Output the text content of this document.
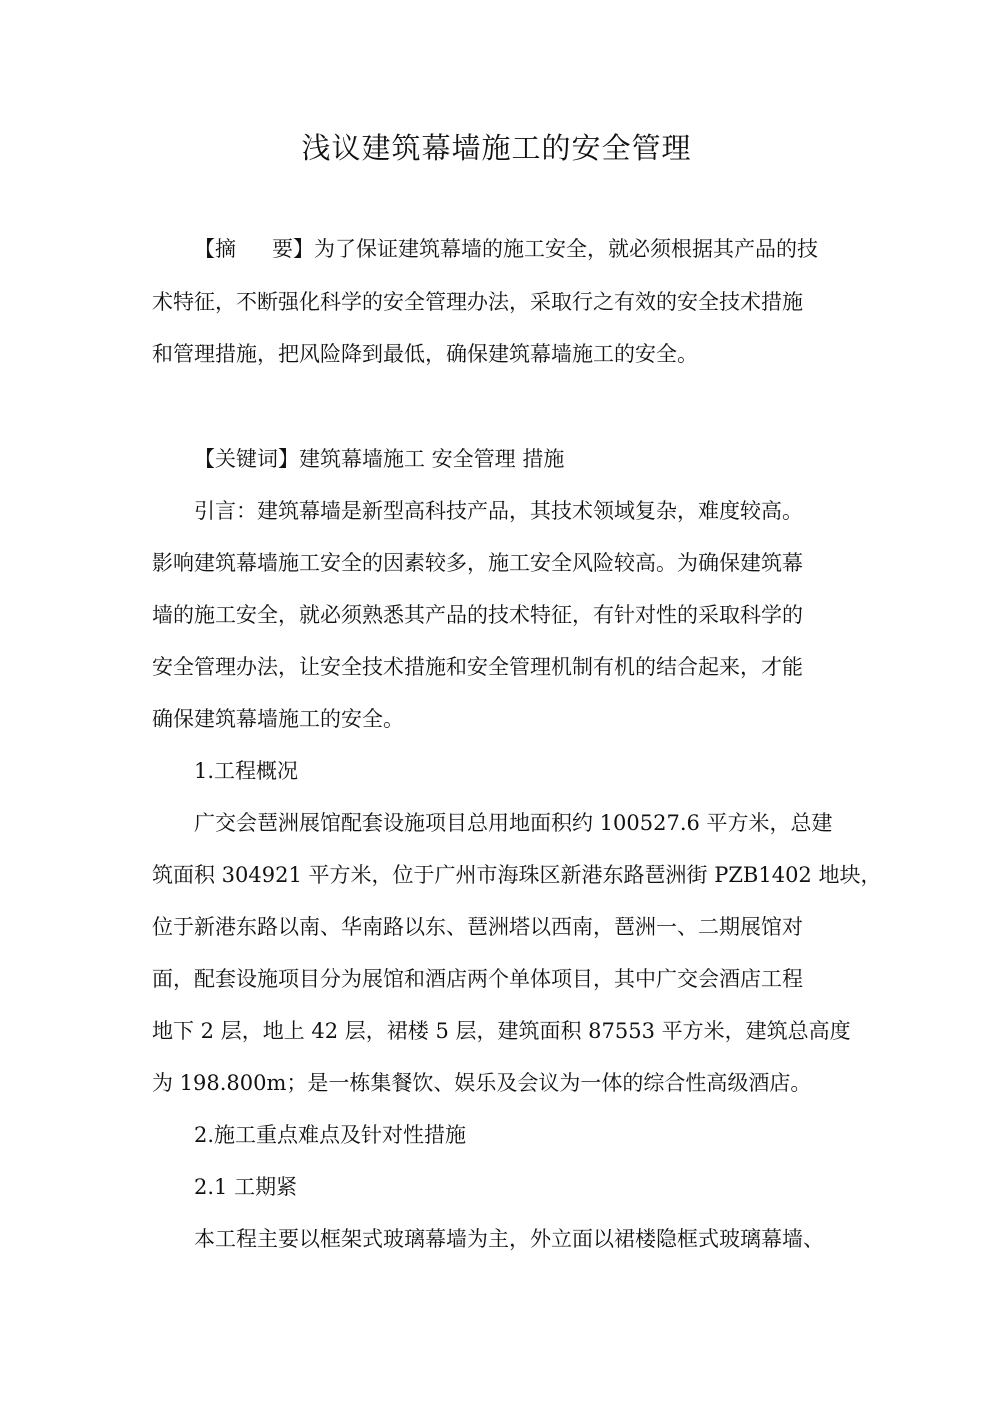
浅议建筑幕墙施工的安全管理
【摘 要】为了保证建筑幕墙的施工安全，就必须根据其产品的技
术特征，不断强化科学的安全管理办法，采取行之有效的安全技术措施
和管理措施，把风险降到最低，确保建筑幕墙施工的安全。
【关键词】建筑幕墙施工 安全管理 措施
引言：建筑幕墙是新型高科技产品，其技术领域复杂，难度较高。
影响建筑幕墙施工安全的因素较多，施工安全风险较高。为确保建筑幕
墙的施工安全，就必须熟悉其产品的技术特征，有针对性的采取科学的
安全管理办法，让安全技术措施和安全管理机制有机的结合起来，才能
确保建筑幕墙施工的安全。
1.工程概况
广交会琶洲展馆配套设施项目总用地面积约 100527.6 平方米，总建
筑面积 304921 平方米，位于广州市海珠区新港东路琶洲街 PZB1402 地块，
位于新港东路以南、华南路以东、琶洲塔以西南，琶洲一、二期展馆对
面，配套设施项目分为展馆和酒店两个单体项目，其中广交会酒店工程
地下 2 层，地上 42 层，裙楼 5 层，建筑面积 87553 平方米，建筑总高度
为 198.800m；是一栋集餐饮、娱乐及会议为一体的综合性高级酒店。
2.施工重点难点及针对性措施
2.1 工期紧
本工程主要以框架式玻璃幕墙为主，外立面以裙楼隐框式玻璃幕墙、
